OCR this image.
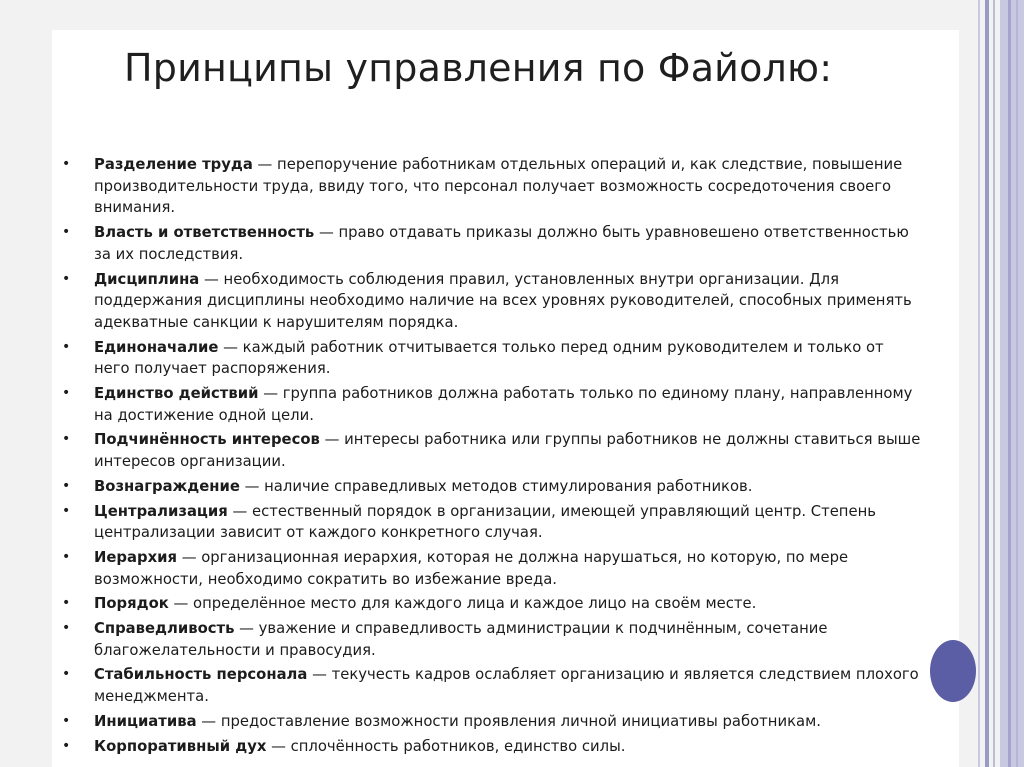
Принципы управления по Файолю:
• Разделение труда — перепоручение работникам отдельных операций и, как следствие, повышение производительности труда, ввиду того, что персонал получает возможность сосредоточения своего внимания.
• Власть и ответственность — право отдавать приказы должно быть уравновешено ответственностью за их последствия.
• Дисциплина — необходимость соблюдения правил, установленных внутри организации. Для поддержания дисциплины необходимо наличие на всех уровнях руководителей, способных применять адекватные санкции к нарушителям порядка.
• Единоначалие — каждый работник отчитывается только перед одним руководителем и только от него получает распоряжения.
• Единство действий — группа работников должна работать только по единому плану, направленному на достижение одной цели.
• Подчинённость интересов — интересы работника или группы работников не должны ставиться выше интересов организации.
• Вознаграждение — наличие справедливых методов стимулирования работников.
• Централизация — естественный порядок в организации, имеющей управляющий центр. Степень централизации зависит от каждого конкретного случая.
• Иерархия — организационная иерархия, которая не должна нарушаться, но которую, по мере возможности, необходимо сократить во избежание вреда.
• Порядок — определённое место для каждого лица и каждое лицо на своём месте.
• Справедливость — уважение и справедливость администрации к подчинённым, сочетание благожелательности и правосудия.
• Стабильность персонала — текучесть кадров ослабляет организацию и является следствием плохого менеджмента.
• Инициатива — предоставление возможности проявления личной инициативы работникам.
• Корпоративный дух — сплочённость работников, единство силы.
